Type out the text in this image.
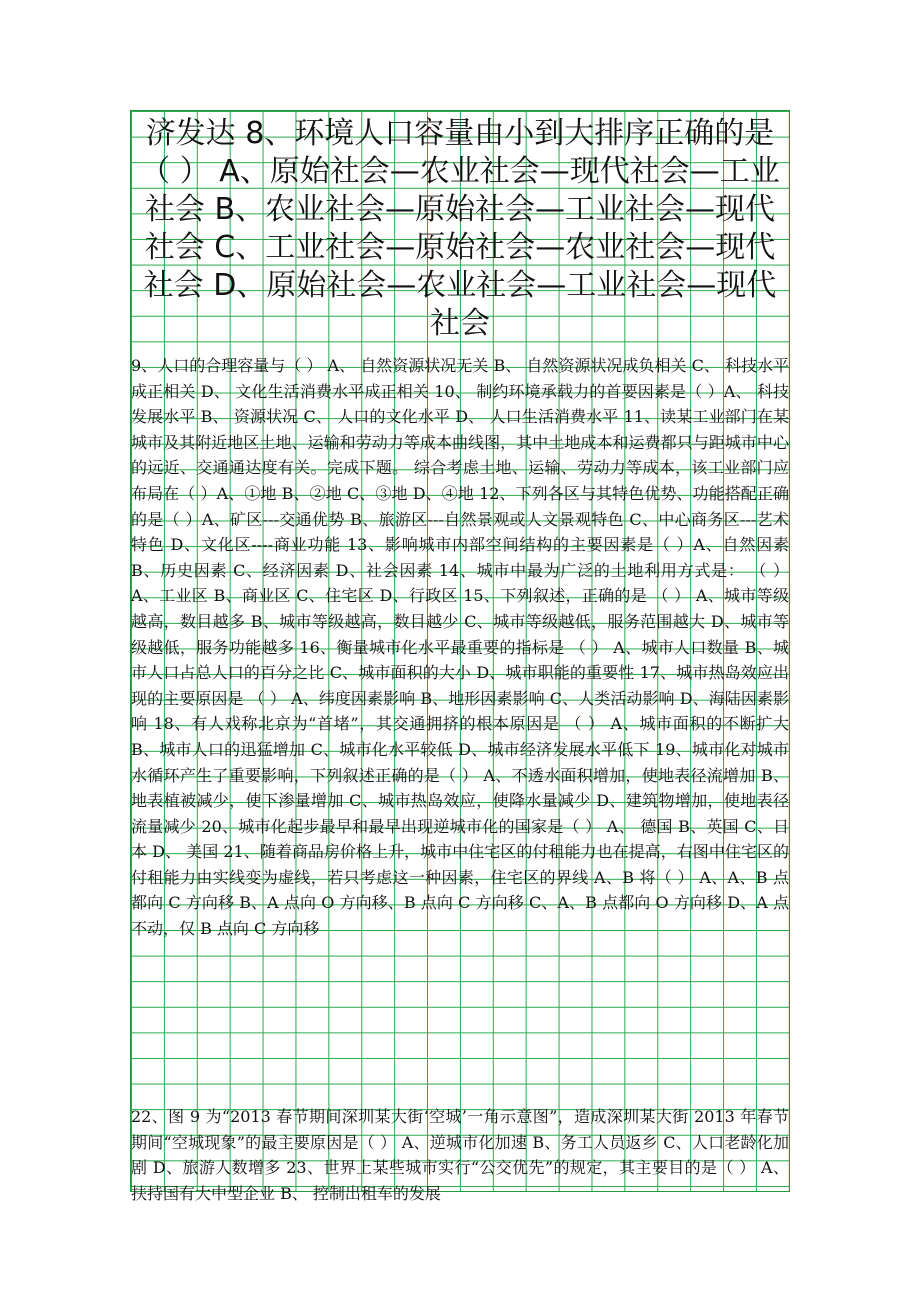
济发达 8、环境人口容量由小到大排序正确的是（ ） A、原始社会—农业社会—现代社会—工业社会 B、农业社会—原始社会—工业社会—现代社会 C、工业社会—原始社会—农业社会—现代社会 D、原始社会—农业社会—工业社会—现代社会
9、人口的合理容量与（ ） A、 自然资源状况无关 B、 自然资源状况成负相关 C、 科技水平成正相关 D、 文化生活消费水平成正相关 10、 制约环境承载力的首要因素是（ ）A、 科技发展水平 B、 资源状况 C、 人口的文化水平 D、 人口生活消费水平 11、读某工业部门在某城市及其附近地区土地、运输和劳动力等成本曲线图，其中土地成本和运费都只与距城市中心的远近、交通通达度有关。完成下题。 综合考虑土地、运输、劳动力等成本，该工业部门应布局在（ ）A、①地 B、②地 C、③地 D、④地 12、下列各区与其特色优势、功能搭配正确的是（ ）A、矿区---交通优势 B、旅游区---自然景观或人文景观特色 C、中心商务区---艺术特色 D、文化区----商业功能 13、影响城市内部空间结构的主要因素是（ ）A、自然因素 B、历史因素 C、经济因素 D、社会因素 14、城市中最为广泛的土地利用方式是： （ ） A、工业区 B、商业区 C、住宅区 D、行政区 15、下列叙述，正确的是 （ ） A、城市等级越高，数目越多 B、城市等级越高，数目越少 C、城市等级越低，服务范围越大 D、城市等级越低，服务功能越多 16、衡量城市化水平最重要的指标是 （ ） A、城市人口数量 B、城市人口占总人口的百分之比 C、城市面积的大小 D、城市职能的重要性 17、城市热岛效应出现的主要原因是 （ ） A、纬度因素影响 B、地形因素影响 C、人类活动影响 D、海陆因素影响 18、有人戏称北京为“首堵”，其交通拥挤的根本原因是 （ ） A、城市面积的不断扩大 B、城市人口的迅猛增加 C、城市化水平较低 D、城市经济发展水平低下 19、城市化对城市水循环产生了重要影响，下列叙述正确的是（ ） A、不透水面积增加，使地表径流增加 B、地表植被减少，使下渗量增加 C、城市热岛效应，使降水量减少 D、建筑物增加，使地表径流量减少 20、城市化起步最早和最早出现逆城市化的国家是（ ） A、 德国 B、英国 C、日本 D、 美国 21、随着商品房价格上升，城市中住宅区的付租能力也在提高，右图中住宅区的付租能力由实线变为虚线，若只考虑这一种因素，住宅区的界线 A、B 将（ ） A、A、B 点都向 C 方向移 B、A 点向 O 方向移、B 点向 C 方向移 C、A、B 点都向 O 方向移 D、A 点不动，仅 B 点向 C 方向移
22、图 9 为“2013 春节期间深圳某大街‘空城’一角示意图”，造成深圳某大街 2013 年春节期间“空城现象”的最主要原因是（ ） A、逆城市化加速 B、务工人员返乡 C、人口老龄化加剧 D、旅游人数增多 23、世界上某些城市实行“公交优先”的规定，其主要目的是（ ） A、 扶持国有大中型企业 B、 控制出租车的发展
